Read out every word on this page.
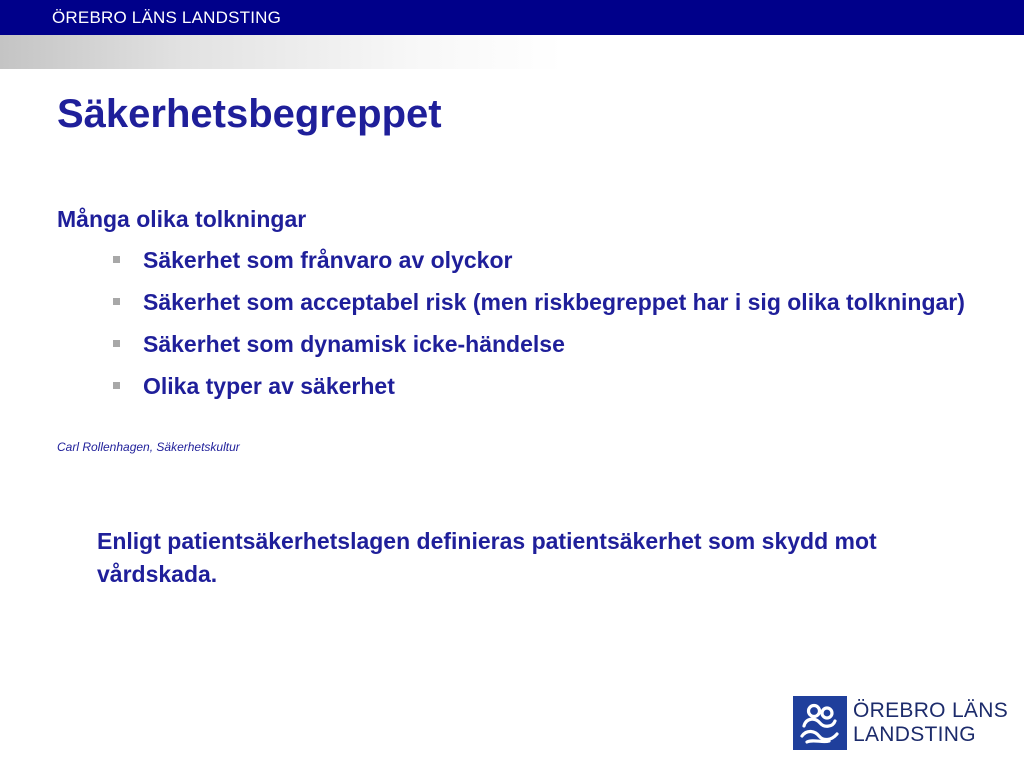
ÖREBRO LÄNS LANDSTING
Säkerhetsbegreppet
Många olika tolkningar
Säkerhet som frånvaro av olyckor
Säkerhet som acceptabel risk (men riskbegreppet har i sig olika tolkningar)
Säkerhet som dynamisk icke-händelse
Olika typer av säkerhet
Carl Rollenhagen, Säkerhetskultur
Enligt patientsäkerhetslagen definieras patientsäkerhet som skydd mot vårdskada.
ÖREBRO LÄNS
LANDSTING
